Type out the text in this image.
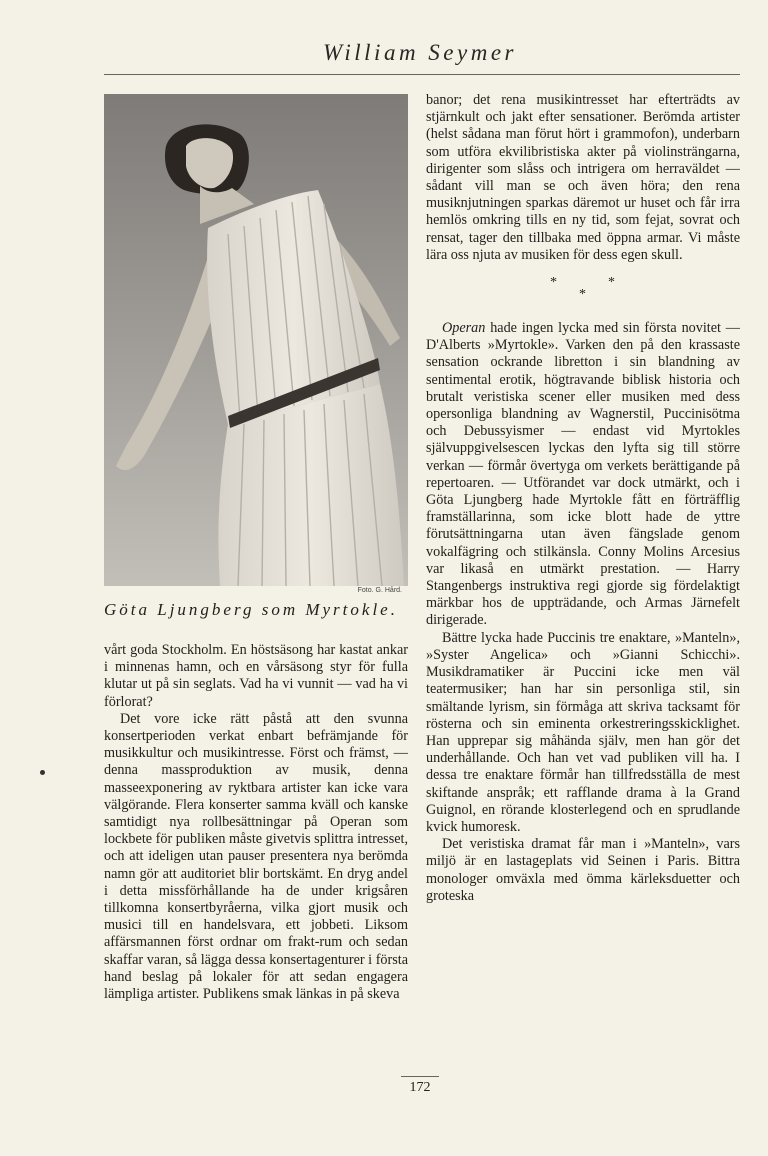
William Seymer
Foto. G. Hård.
Göta Ljungberg som Myrtokle.

vårt goda Stockholm. En höstsäsong har kastat ankar i minnenas hamn, och en vårsäsong styr för fulla klutar ut på sin seglats. Vad ha vi vunnit — vad ha vi förlorat?

Det vore icke rätt påstå att den svunna konsertperioden verkat enbart befrämjande för musikkultur och musikintresse. Först och främst, — denna massproduktion av musik, denna masseexponering av ryktbara artister kan icke vara välgörande. Flera konserter samma kväll och kanske samtidigt nya rollbesättningar på Operan som lockbete för publiken måste givetvis splittra intresset, och att ideligen utan pauser presentera nya berömda namn gör att auditoriet blir bortskämt. En dryg andel i detta missförhållande ha de under krigsåren tillkomna konsertbyråerna, vilka gjort musik och musici till en handelsvara, ett jobbeti. Liksom affärsmannen först ordnar om frakt-rum och sedan skaffar varan, så lägga dessa konsertagenturer i första hand beslag på lokaler för att sedan engagera lämpliga artister. Publikens smak länkas in på skeva

banor; det rena musikintresset har efterträdts av stjärnkult och jakt efter sensationer. Berömda artister (helst sådana man förut hört i grammofon), underbarn som utföra ekvilibristiska akter på violinsträngarna, dirigenter som slåss och intrigera om herraväldet — sådant vill man se och även höra; den rena musiknjutningen sparkas däremot ur huset och får irra hemlös omkring tills en ny tid, som fejat, sovrat och rensat, tager den tillbaka med öppna armar. Vi måste lära oss njuta av musiken för dess egen skull.

*	*
*

Operan hade ingen lycka med sin första novitet — D'Alberts »Myrtokle». Varken den på den krassaste sensation ockrande libretton i sin blandning av sentimental erotik, högtravande biblisk historia och brutalt veristiska scener eller musiken med dess opersonliga blandning av Wagnerstil, Puccinisötma och Debussyismer — endast vid Myrtokles självuppgivelsescen lyckas den lyfta sig till större verkan — förmår övertyga om verkets berättigande på repertoaren. — Utförandet var dock utmärkt, och i Göta Ljungberg hade Myrtokle fått en förträfflig framställarinna, som icke blott hade de yttre förutsättningarna utan även fängslade genom vokalfägring och stilkänsla. Conny Molins Arcesius var likaså en utmärkt prestation. — Harry Stangenbergs instruktiva regi gjorde sig fördelaktigt märkbar hos de uppträdande, och Armas Järnefelt dirigerade.

Bättre lycka hade Puccinis tre enaktare, »Manteln», »Syster Angelica» och »Gianni Schicchi». Musikdramatiker är Puccini icke men väl teatermusiker; han har sin personliga stil, sin smältande lyrism, sin förmåga att skriva tacksamt för rösterna och sin eminenta orkestreringsskicklighet. Han upprepar sig måhända själv, men han gör det underhållande. Och han vet vad publiken vill ha. I dessa tre enaktare förmår han tillfredsställa de mest skiftande anspråk; ett rafflande drama à la Grand Guignol, en rörande klosterlegend och en sprudlande kvick humoresk.

Det veristiska dramat får man i »Manteln», vars miljö är en lastageplats vid Seinen i Paris. Bittra monologer omväxla med ömma kärleksduetter och groteska

172
